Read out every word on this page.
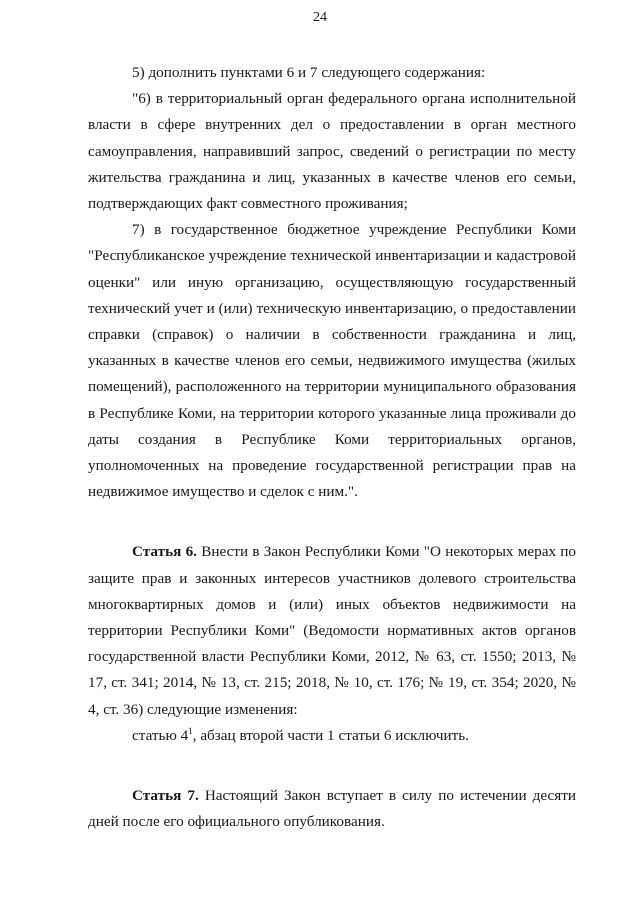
24

5) дополнить пунктами 6 и 7 следующего содержания:

"6) в территориальный орган федерального органа исполнительной власти в сфере внутренних дел о предоставлении в орган местного самоуправления, направивший запрос, сведений о регистрации по месту жительства гражданина и лиц, указанных в качестве членов его семьи, подтверждающих факт совместного проживания;

7) в государственное бюджетное учреждение Республики Коми "Республиканское учреждение технической инвентаризации и кадастровой оценки" или иную организацию, осуществляющую государственный технический учет и (или) техническую инвентаризацию, о предоставлении справки (справок) о наличии в собственности гражданина и лиц, указанных в качестве членов его семьи, недвижимого имущества (жилых помещений), расположенного на территории муниципального образования в Республике Коми, на территории которого указанные лица проживали до даты создания в Республике Коми территориальных органов, уполномоченных на проведение государственной регистрации прав на недвижимое имущество и сделок с ним.".

Статья 6. Внести в Закон Республики Коми "О некоторых мерах по защите прав и законных интересов участников долевого строительства многоквартирных домов и (или) иных объектов недвижимости на территории Республики Коми" (Ведомости нормативных актов органов государственной власти Республики Коми, 2012, № 63, ст. 1550; 2013, № 17, ст. 341; 2014, № 13, ст. 215; 2018, № 10, ст. 176; № 19, ст. 354; 2020, № 4, ст. 36) следующие изменения:

статью $4^1$, абзац второй части 1 статьи 6 исключить.

Статья 7. Настоящий Закон вступает в силу по истечении десяти дней после его официального опубликования.
